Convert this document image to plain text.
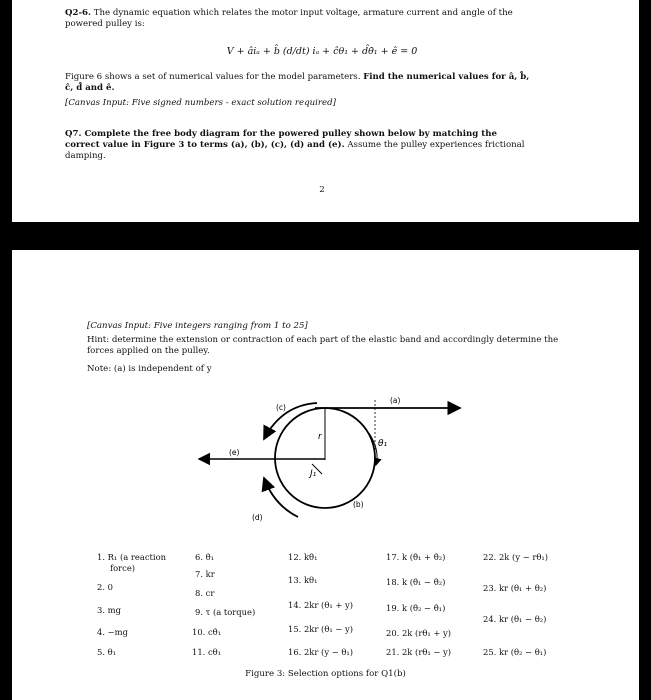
Q2-6. The dynamic equation which relates the motor input voltage, armature current and angle of the
powered pulley is:
V + âiₐ + b̂ (d/dt) iₐ + ĉθ₁ + d̂θ̇₁ + ê = 0
Figure 6 shows a set of numerical values for the model parameters. Find the numerical values for â, b̂,
ĉ, d̂ and ê.
[Canvas Input: Five signed numbers - exact solution required]
Q7. Complete the free body diagram for the powered pulley shown below by matching the
correct value in Figure 3 to terms (a), (b), (c), (d) and (e). Assume the pulley experiences frictional
damping.
2
[Canvas Input: Five integers ranging from 1 to 25]
Hint: determine the extension or contraction of each part of the elastic band and accordingly determine the
forces applied on the pulley.
Note: (a) is independent of y
(a)
(b)
(c)
(d)
(e)
r
θ₁
J₁
1. R₁ (a reaction
force)
2. 0
3. mg
4. −mg
5. θ₁
6. θ̇₁
7. kr
8. cr
9. τ (a torque)
10. cθ̇₁
11. cθ₁
12. kθ̇₁
13. kθ₁
14. 2kr (θ₁ + y)
15. 2kr (θ₁ − y)
16. 2kr (y − θ₁)
17. k (θ̇₁ + θ̇₂)
18. k (θ̇₁ − θ̇₂)
19. k (θ̇₂ − θ̇₁)
20. 2k (rθ₁ + y)
21. 2k (rθ₁ − y)
22. 2k (y − rθ₁)
23. kr (θ₁ + θ₂)
24. kr (θ₁ − θ₂)
25. kr (θ₂ − θ₁)
Figure 3: Selection options for Q1(b)
